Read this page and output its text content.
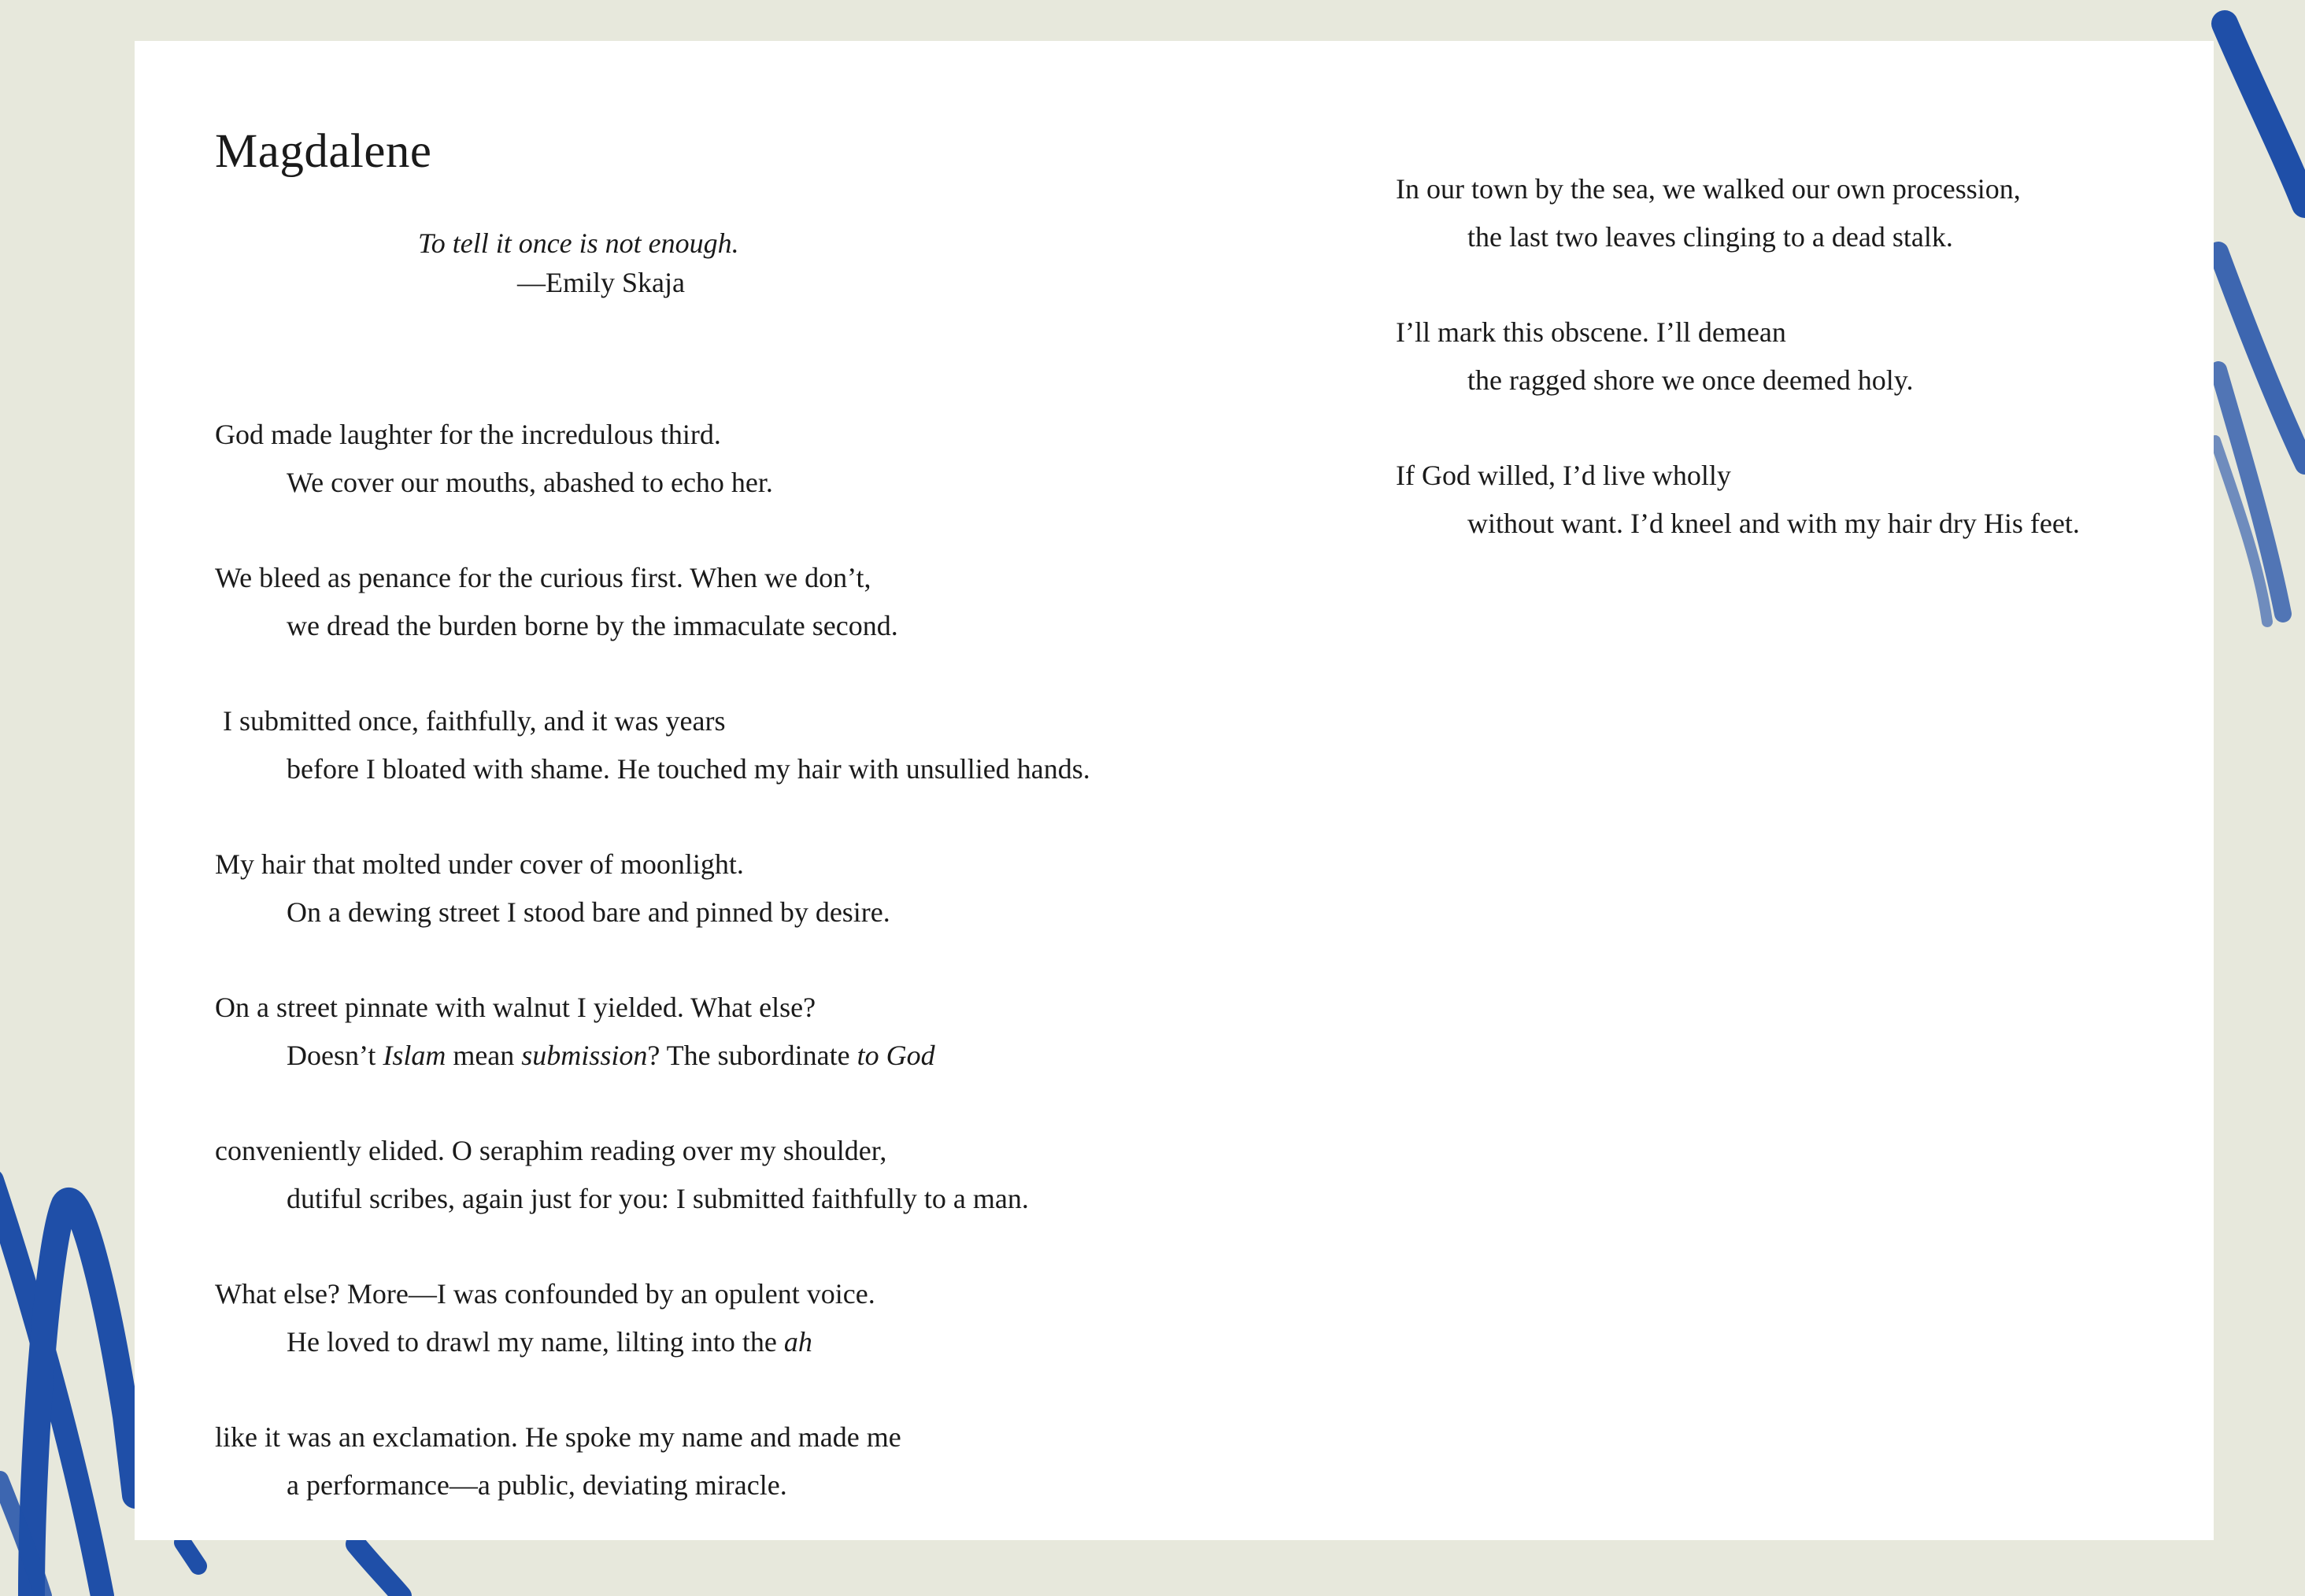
Magdalene
To tell it once is not enough.
—Emily Skaja
God made laughter for the incredulous third.
We cover our mouths, abashed to echo her.
We bleed as penance for the curious first. When we don’t,
we dread the burden borne by the immaculate second.
I submitted once, faithfully, and it was years
before I bloated with shame. He touched my hair with unsullied hands.
My hair that molted under cover of moonlight.
On a dewing street I stood bare and pinned by desire.
On a street pinnate with walnut I yielded. What else?
Doesn’t Islam mean submission? The subordinate to God
conveniently elided. O seraphim reading over my shoulder,
dutiful scribes, again just for you: I submitted faithfully to a man.
What else? More—I was confounded by an opulent voice.
He loved to drawl my name, lilting into the ah
like it was an exclamation. He spoke my name and made me
a performance—a public, deviating miracle.
In our town by the sea, we walked our own procession,
the last two leaves clinging to a dead stalk.
I’ll mark this obscene. I’ll demean
the ragged shore we once deemed holy.
If God willed, I’d live wholly
without want. I’d kneel and with my hair dry His feet.
